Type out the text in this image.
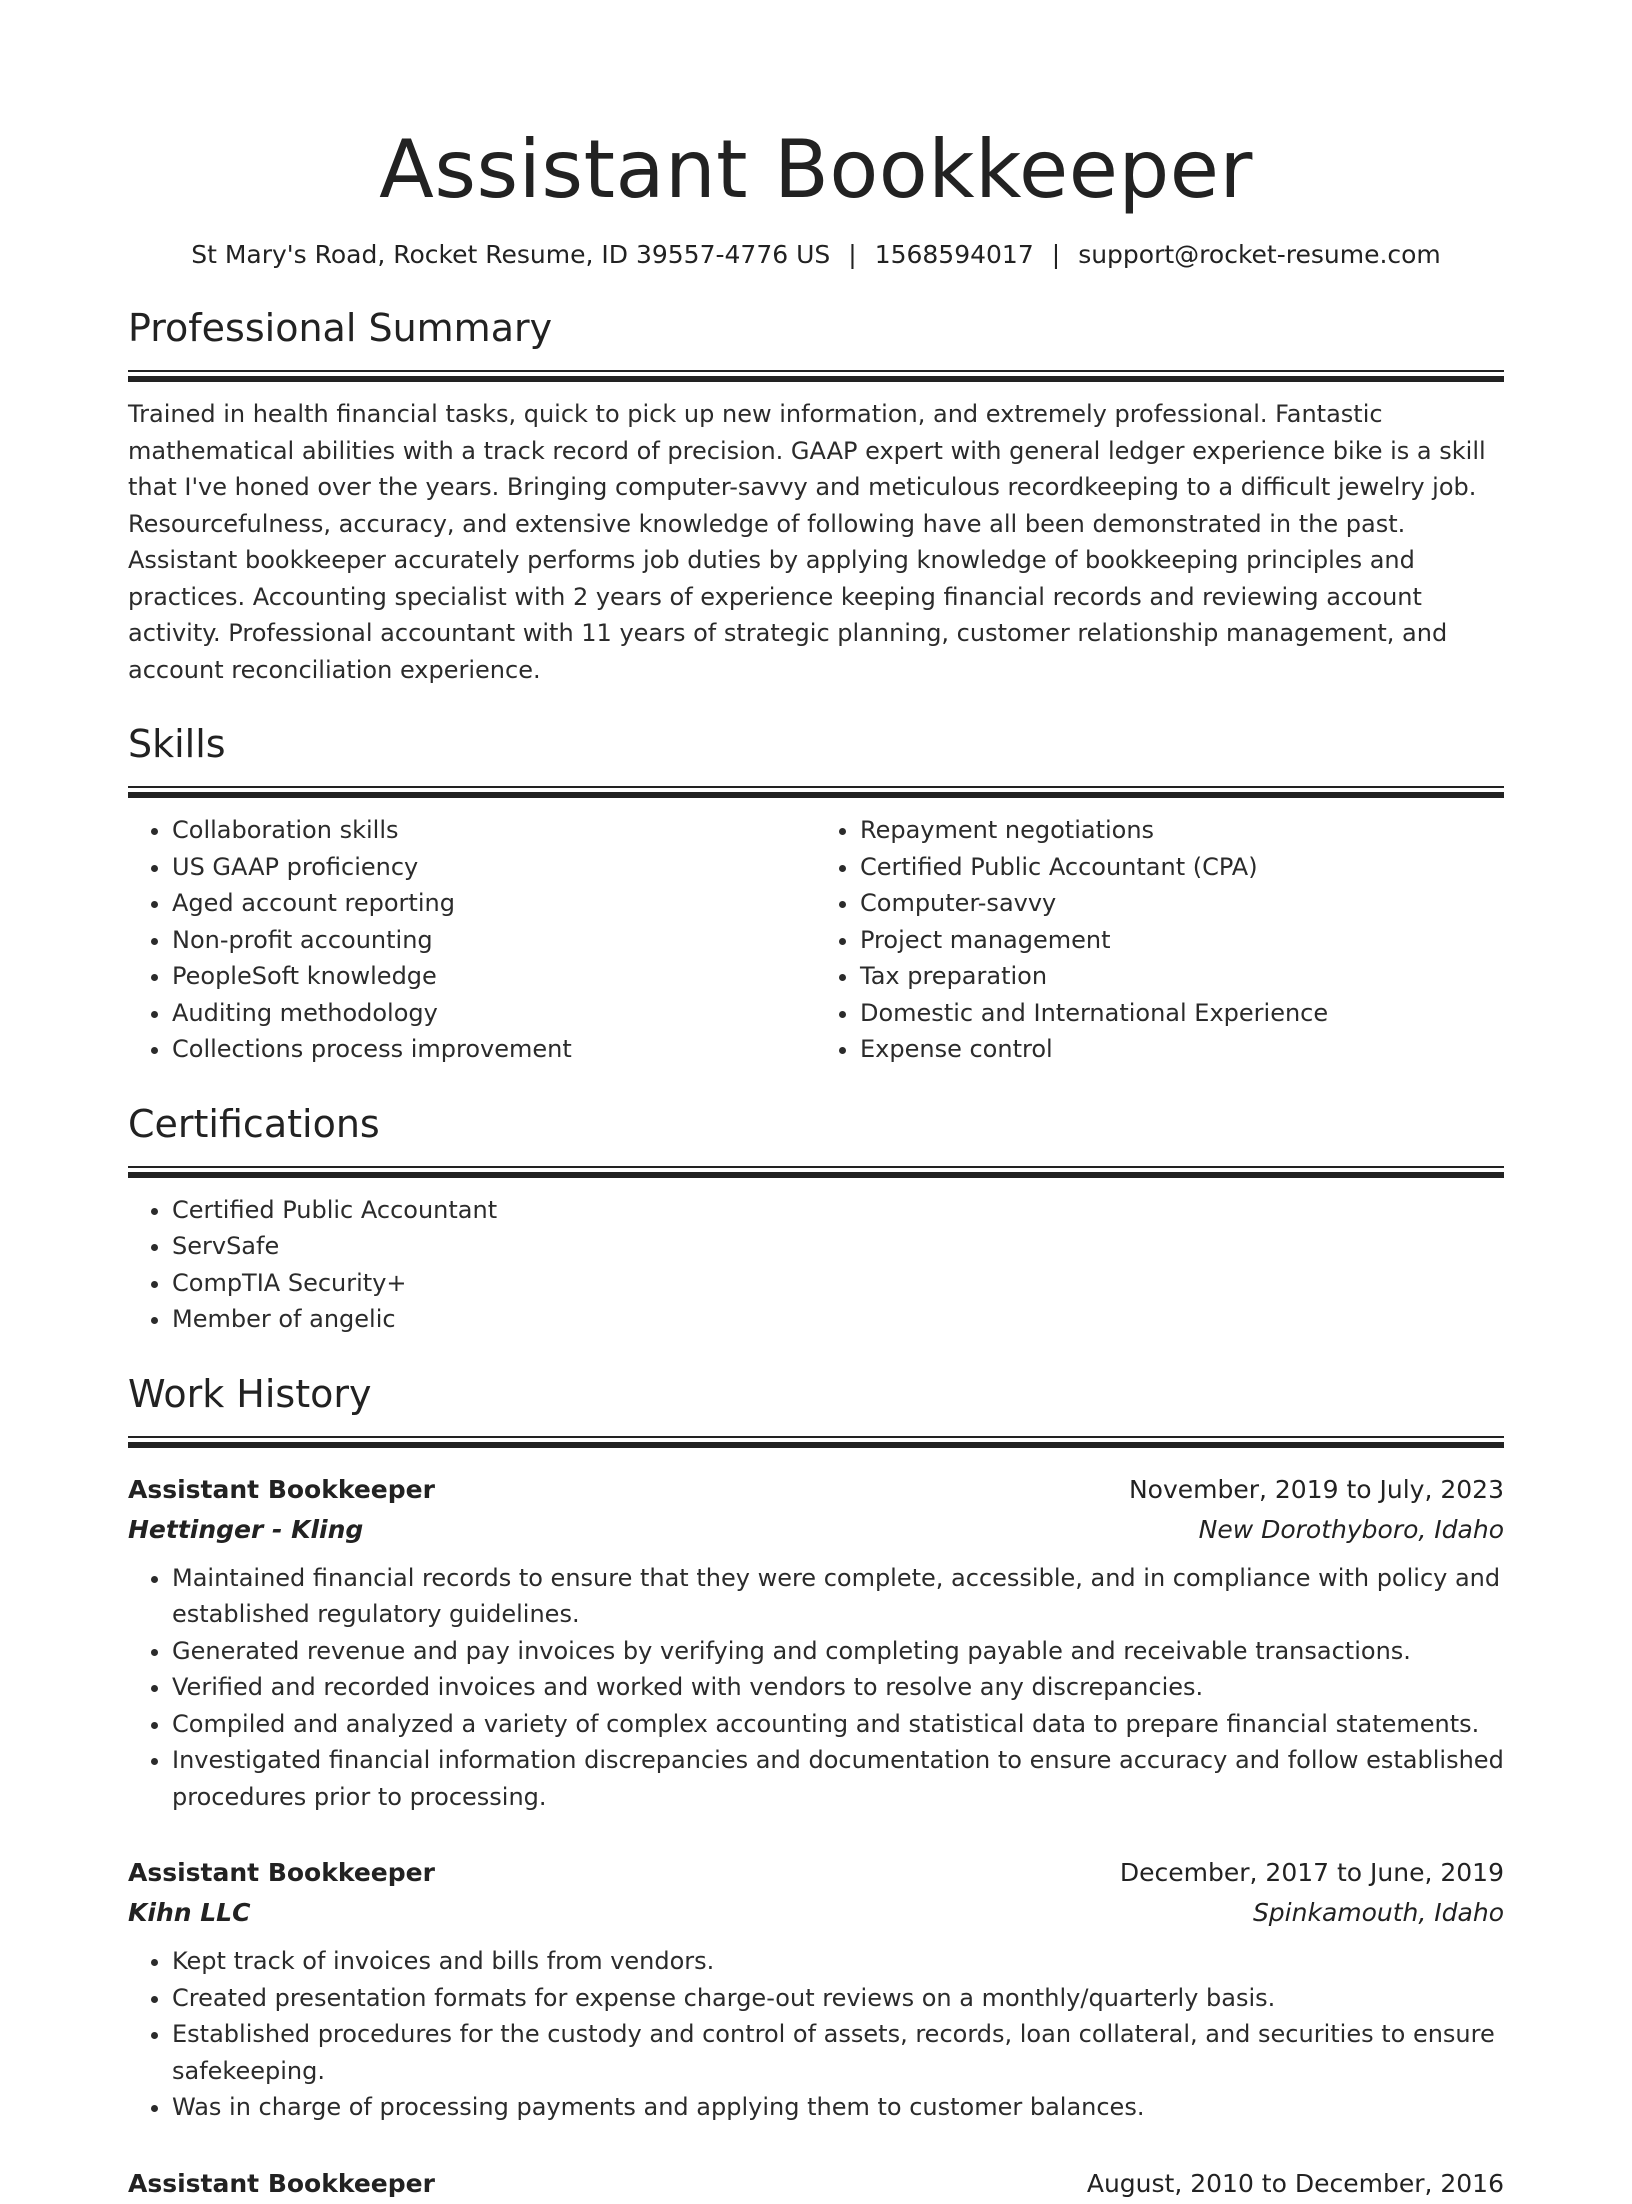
Assistant Bookkeeper
St Mary's Road, Rocket Resume, ID 39557-4776 US | 1568594017 | support@rocket-resume.com
Professional Summary

Trained in health financial tasks, quick to pick up new information, and extremely professional. Fantastic mathematical abilities with a track record of precision. GAAP expert with general ledger experience bike is a skill that I've honed over the years. Bringing computer-savvy and meticulous recordkeeping to a difficult jewelry job. Resourcefulness, accuracy, and extensive knowledge of following have all been demonstrated in the past. Assistant bookkeeper accurately performs job duties by applying knowledge of bookkeeping principles and practices. Accounting specialist with 2 years of experience keeping financial records and reviewing account activity. Professional accountant with 11 years of strategic planning, customer relationship management, and account reconciliation experience.

Skills
• Collaboration skills
• US GAAP proficiency
• Aged account reporting
• Non-profit accounting
• PeopleSoft knowledge
• Auditing methodology
• Collections process improvement
• Repayment negotiations
• Certified Public Accountant (CPA)
• Computer-savvy
• Project management
• Tax preparation
• Domestic and International Experience
• Expense control
Certifications
• Certified Public Accountant
• ServSafe
• CompTIA Security+
• Member of angelic
Work History
Assistant Bookkeeper	November, 2019 to July, 2023
Hettinger - Kling	New Dorothyboro, Idaho
• Maintained financial records to ensure that they were complete, accessible, and in compliance with policy and established regulatory guidelines.
• Generated revenue and pay invoices by verifying and completing payable and receivable transactions.
• Verified and recorded invoices and worked with vendors to resolve any discrepancies.
• Compiled and analyzed a variety of complex accounting and statistical data to prepare financial statements.
• Investigated financial information discrepancies and documentation to ensure accuracy and follow established procedures prior to processing.
Assistant Bookkeeper	December, 2017 to June, 2019
Kihn LLC	Spinkamouth, Idaho
• Kept track of invoices and bills from vendors.
• Created presentation formats for expense charge-out reviews on a monthly/quarterly basis.
• Established procedures for the custody and control of assets, records, loan collateral, and securities to ensure safekeeping.
• Was in charge of processing payments and applying them to customer balances.
Assistant Bookkeeper	August, 2010 to December, 2016
